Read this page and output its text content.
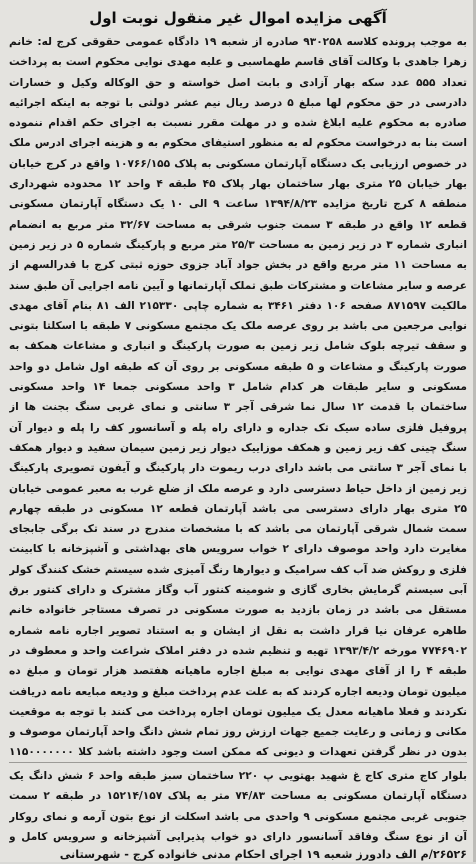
آگهی مزایده اموال غیر منقول نوبت اول

به موجب پرونده کلاسه ۹۳۰۲۵۸ صادره از شعبه ۱۹ دادگاه عمومی حقوقی کرج له: خانم زهرا جاهدی با وکالت آقای قاسم طهماسبی و علیه مهدی نوایی محکوم است به پرداخت تعداد ۵۵۵ عدد سکه بهار آزادی و بابت اصل خواسته و حق الوکاله وکیل و خسارات دادرسی در حق محکوم لها مبلغ ۵ درصد ریال نیم عشر دولتی با توجه به اینکه اجرائیه صادره به محکوم علیه ابلاغ شده و در مهلت مقرر نسبت به اجرای حکم اقدام ننموده است بنا به درخواست محکوم له به منظور استیفای محکوم به و هزینه اجرای ادرس ملک در خصوص ارزیابی یک دستگاه آپارتمان مسکونی به پلاک ۱۰۷۶۶/۱۵۵ واقع در کرج خیابان بهار خیابان ۲۵ متری بهار ساختمان بهار پلاک ۴۵ طبقه ۴ واحد ۱۲ محدوده شهرداری منطقه ۸ کرج تاریخ مزایده ۱۳۹۴/۸/۲۳ ساعت ۹ الی ۱۰ یک دستگاه آپارتمان مسکونی قطعه ۱۲ واقع در طبقه ۳ سمت جنوب شرقی به مساحت ۳۲/۶۷ متر مربع به انضمام انباری شماره ۳ در زیر زمین به مساحت ۲۵/۳ متر مربع و پارکینگ شماره ۵ در زیر زمین به مساحت ۱۱ متر مربع واقع در بخش جواد آباد جزوی حوزه ثبتی کرج با قدرالسهم از عرصه و سایر مشاعات و مشترکات طبق تملک آپارتمانها و آیین نامه اجرایی آن طبق سند مالکیت ۸۷۱۵۹۷ صفحه ۱۰۶ دفتر ۳۴۶۱ به شماره چاپی ۲۱۵۳۳۰ الف ۸۱ بنام آقای مهدی نوایی مرجعین می باشد بر روی عرصه ملک یک مجتمع مسکونی ۷ طبقه با اسکلتا بتونی و سقف تیرچه بلوک شامل زیر زمین به صورت پارکینگ و انباری و مشاعات همکف به صورت پارکینگ و مشاعات و ۵ طبقه مسکونی بر روی آن که طبقه اول شامل دو واحد مسکونی و سایر طبقات هر کدام شامل ۳ واحد مسکونی جمعا ۱۴ واحد مسکونی ساختمان با قدمت ۱۲ سال نما شرقی آجر ۳ سانتی و نمای غربی سنگ بجنت ها از پروفیل فلزی ساده سیک تک جداره و دارای راه پله و آسانسور کف را پله و دیوار آن سنگ چینی کف زیر زمین و همکف موزاییک دیوار زیر زمین سیمان سفید و دیوار همکف با نمای آجر ۳ سانتی می باشد دارای درب ریموت دار پارکینگ و آیفون تصویری پارکینگ زیر زمین از داخل حیاط دسترسی دارد و عرصه ملک از ضلع غرب به معبر عمومی خیابان ۲۵ متری بهار دارای دسترسی می باشد آپارتمان قطعه ۱۲ مسکونی در طبقه چهارم سمت شمال شرقی آپارتمان می باشد که با مشخصات مندرج در سند تک برگی جابجای مغایرت دارد واحد موصوف دارای ۲ خواب سرویس های بهداشتی و آشپزخانه با کابینت فلزی و روکش ضد آب کف سرامیک و دیوارها رنگ آمیزی شده سیستم خشک کنندگ کولر آبی سیستم گرمایش بخاری گازی و شومینه کنتور آب وگاز مشترک و دارای کنتور برق مستقل می باشد در زمان بازدید به صورت مسکونی در تصرف مستاجر خانواده خانم طاهره عرفان نیا قرار داشت به نقل از ایشان و به استناد تصویر اجاره نامه شماره ۷۷۴۶۹۰۲ مورخه ۱۳۹۳/۴/۲ تهیه و تنظیم شده در دفتر املاک شراعت واحد و معطوف در طبقه ۴ را از آقای مهدی نوایی به مبلغ اجاره ماهیانه هفتصد هزار تومان و مبلغ ده میلیون تومان ودیعه اجاره کردند که به علت عدم پرداخت مبلغ و ودیعه مبایعه نامه دریافت نکردند و فعلا ماهیانه معدل یک میلیون تومان اجاره پرداخت می کنند با توجه به موقعیت مکانی و زمانی و رعایت جمیع جهات ارزش روز تمام شش دانگ واحد آپارتمان موصوف و بدون در نظر گرفتن تعهدات و دیونی که ممکن است وجود داشته باشد کلا ۱۱۵۰۰۰۰۰۰۰

بلوار کاج متری کاج غ شهید بهتویی پ ۲۲۰ ساختمان سبز طبقه واحد ۶ شش دانگ یک دستگاه آپارتمان مسکونی به مساحت ۷۴/۸۳ متر به پلاک ۱۵۲۱۴/۱۵۷ در طبقه ۲ سمت جنوبی غربی مجتمع مسکونی ۹ واحدی می باشد اسکلت از نوع بتون آرمه و نمای روکار آن از نوع سنگ وفاقد آسانسور دارای دو خواب پذیرایی آشپزخانه و سرویس کامل و

۲۶۵۲۶/م الف دادورز شعبه ۱۹ اجرای احکام مدنی خانواده کرج - شهرستانی
